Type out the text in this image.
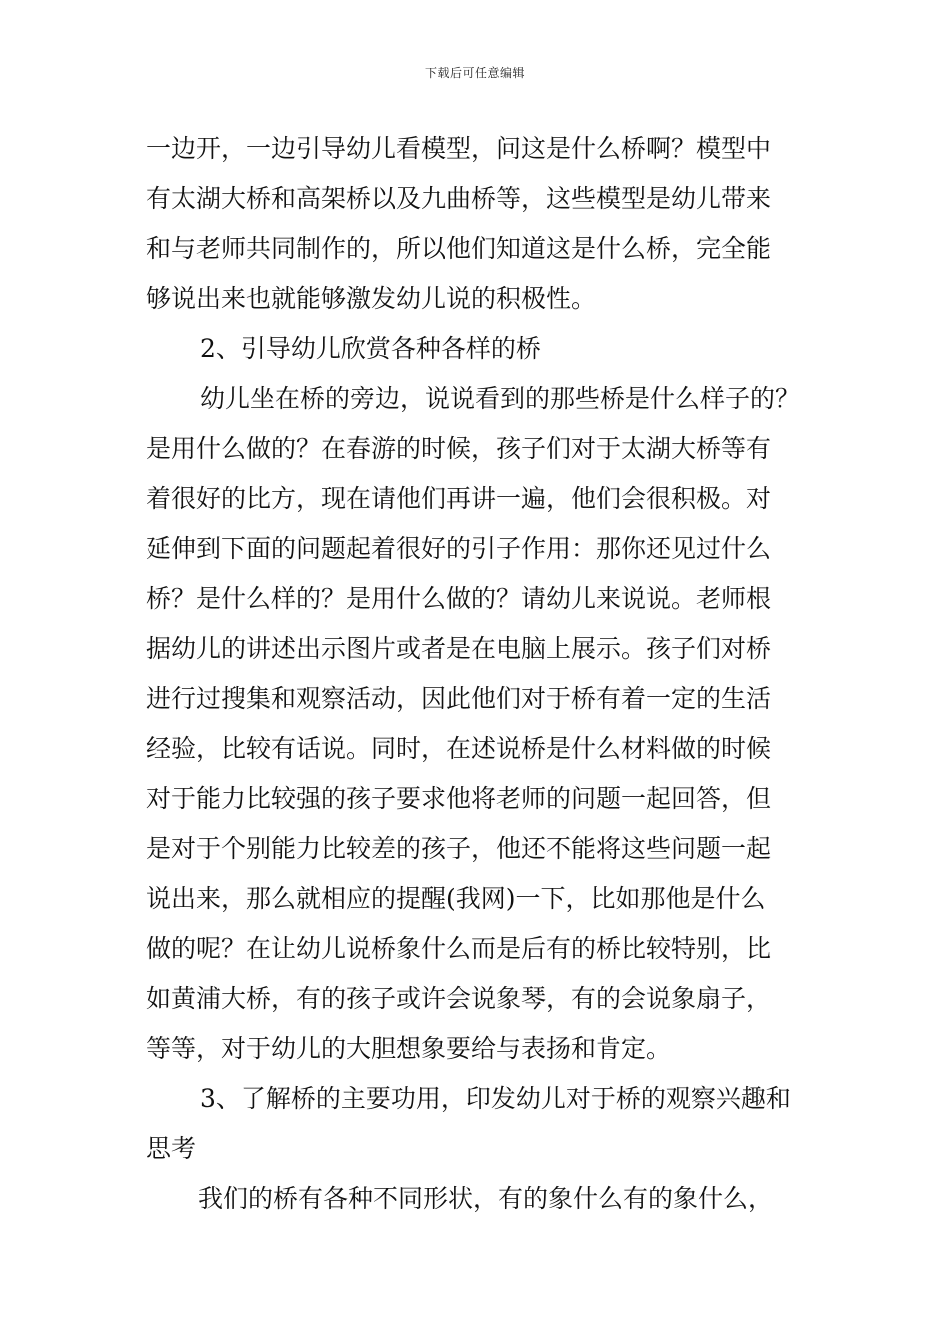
下载后可任意编辑
一边开，一边引导幼儿看模型，问这是什么桥啊？模型中
有太湖大桥和高架桥以及九曲桥等，这些模型是幼儿带来
和与老师共同制作的，所以他们知道这是什么桥，完全能
够说出来也就能够激发幼儿说的积极性。
2、引导幼儿欣赏各种各样的桥
幼儿坐在桥的旁边，说说看到的那些桥是什么样子的？
是用什么做的？在春游的时候，孩子们对于太湖大桥等有
着很好的比方，现在请他们再讲一遍，他们会很积极。对
延伸到下面的问题起着很好的引子作用：那你还见过什么
桥？是什么样的？是用什么做的？请幼儿来说说。老师根
据幼儿的讲述出示图片或者是在电脑上展示。孩子们对桥
进行过搜集和观察活动，因此他们对于桥有着一定的生活
经验，比较有话说。同时，在述说桥是什么材料做的时候
对于能力比较强的孩子要求他将老师的问题一起回答，但
是对于个别能力比较差的孩子，他还不能将这些问题一起
说出来，那么就相应的提醒(我网)一下，比如那他是什么
做的呢？在让幼儿说桥象什么而是后有的桥比较特别，比
如黄浦大桥，有的孩子或许会说象琴，有的会说象扇子，
等等，对于幼儿的大胆想象要给与表扬和肯定。
3、了解桥的主要功用，印发幼儿对于桥的观察兴趣和
思考
我们的桥有各种不同形状，有的象什么有的象什么，
